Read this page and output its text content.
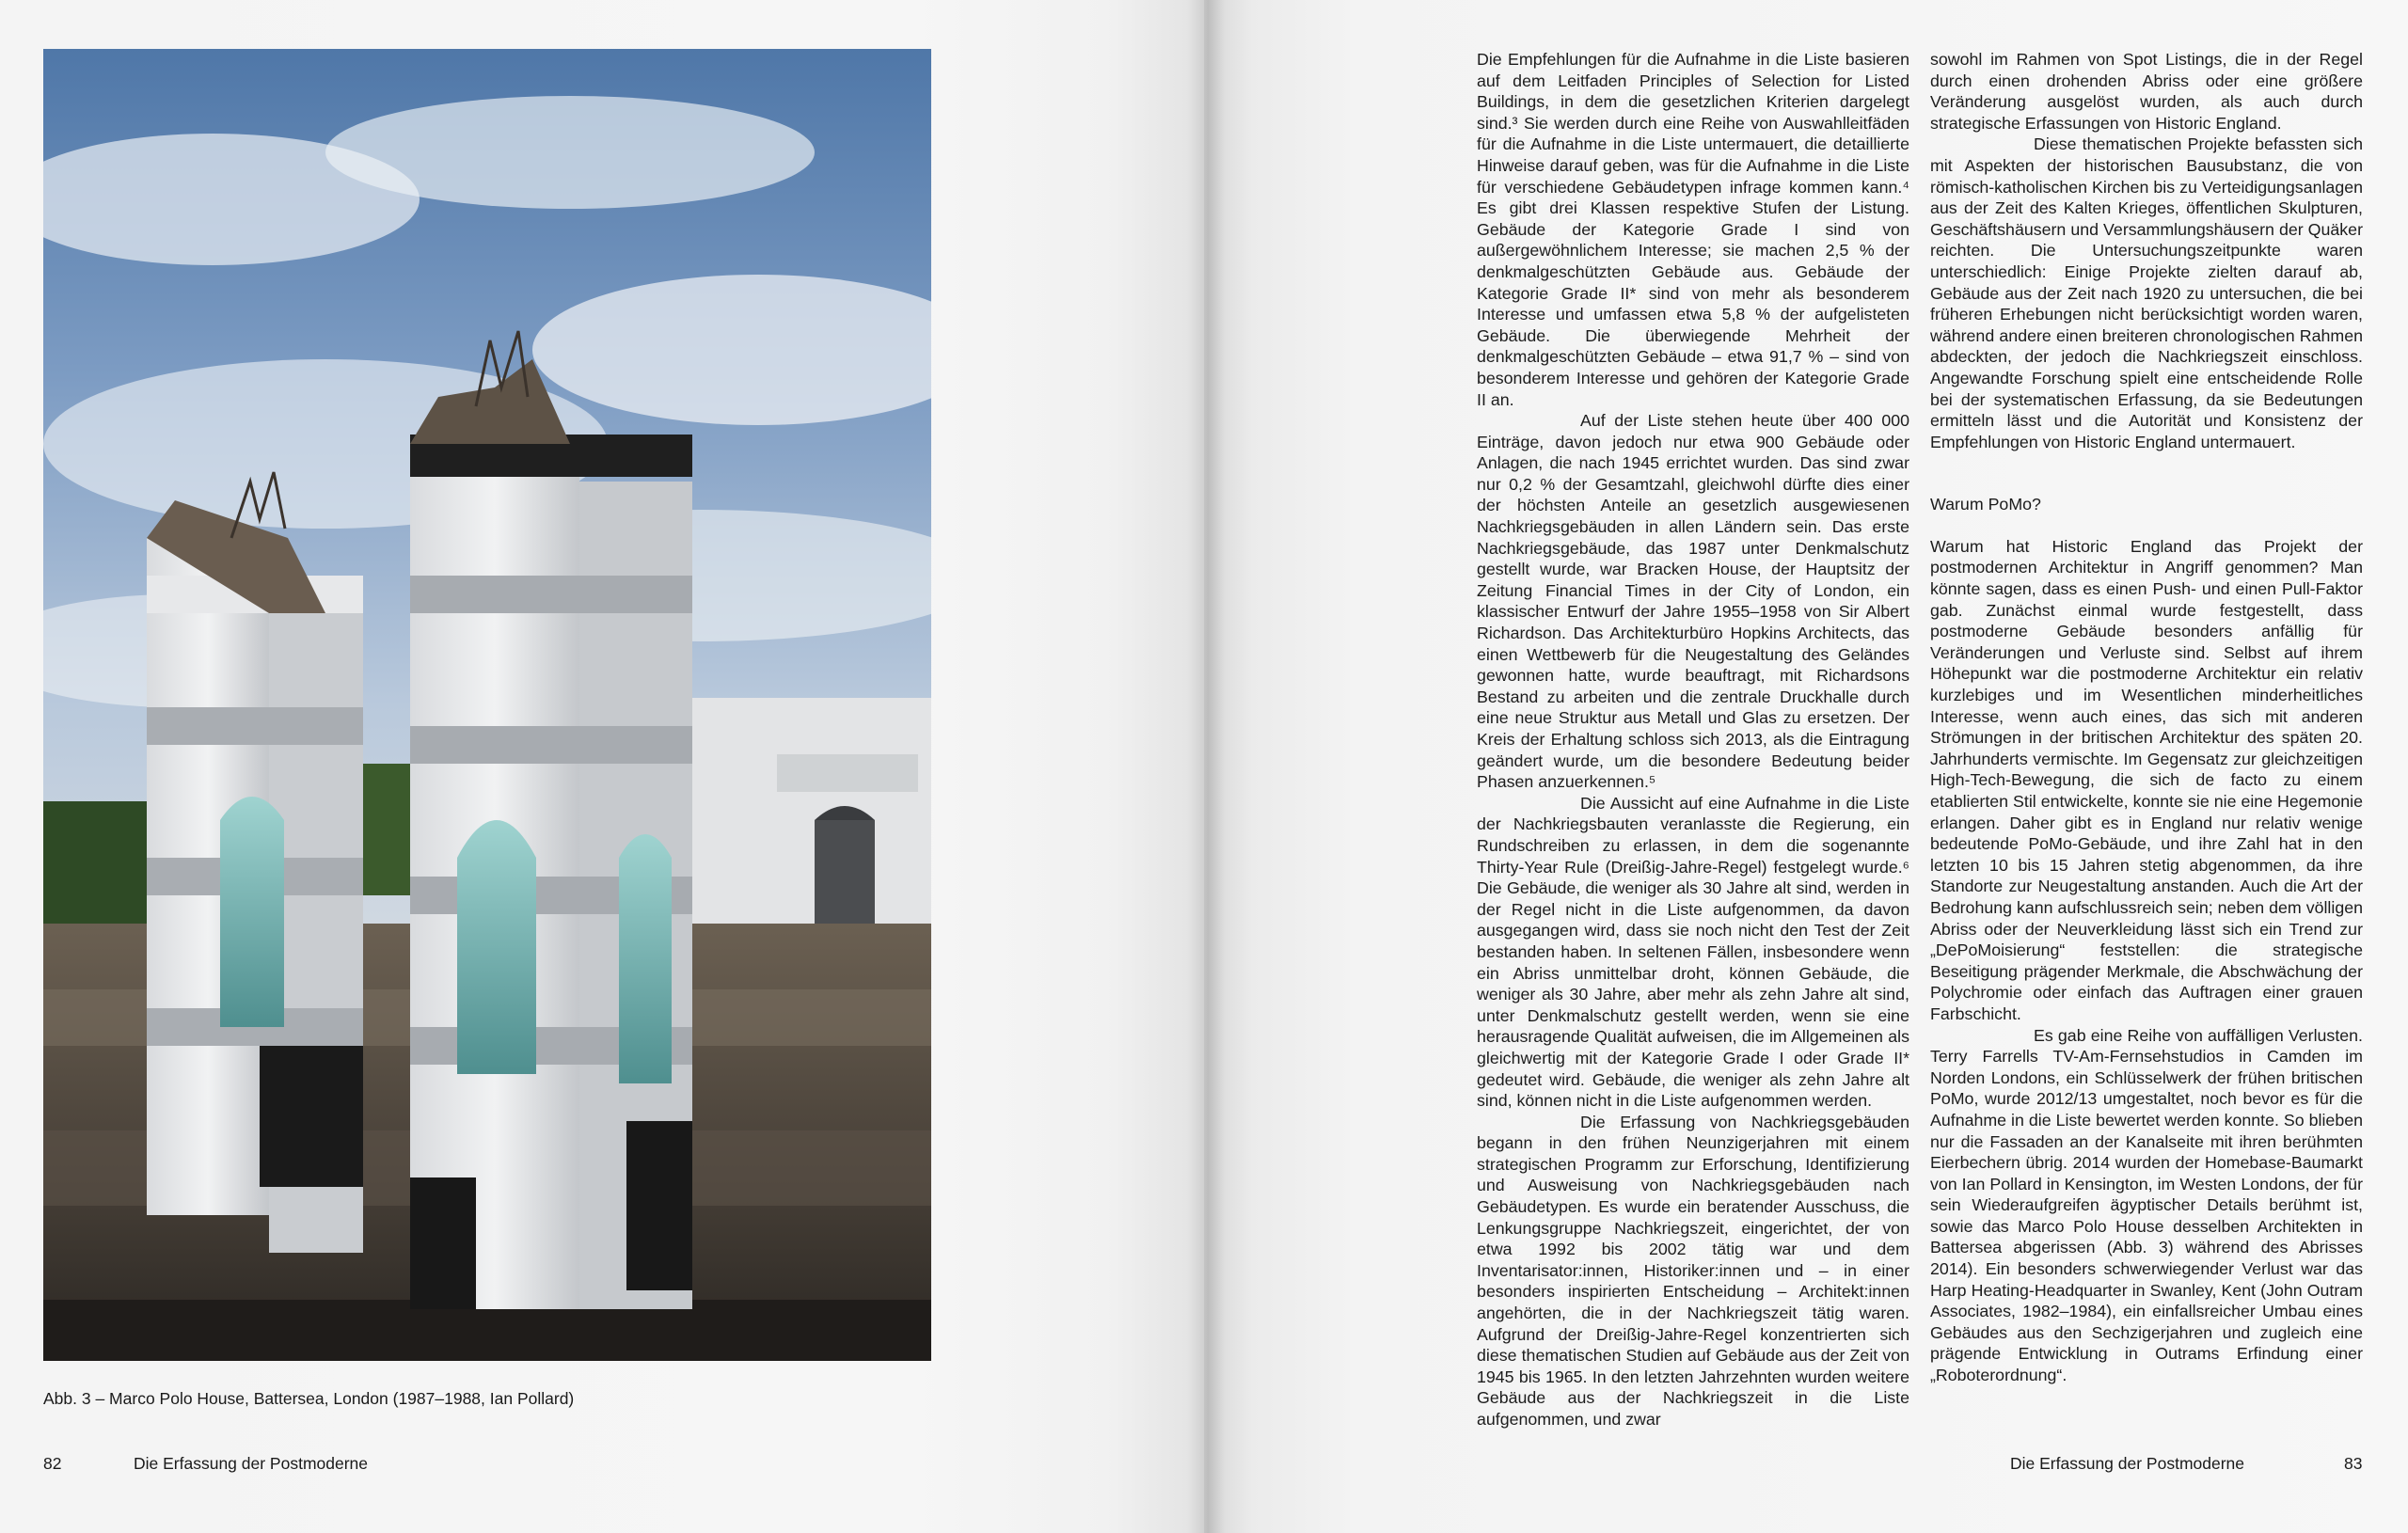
Abb. 3 – Marco Polo House, Battersea, London (1987–1988, Ian Pollard)
82	Die Erfassung der Postmoderne

Die Empfehlungen für die Aufnahme in die Liste basieren auf dem Leitfaden Principles of Selection for Listed Buildings, in dem die gesetzlichen Kriterien dargelegt sind.³ Sie werden durch eine Reihe von Auswahlleitfäden für die Aufnahme in die Liste untermauert, die detaillierte Hinweise darauf geben, was für die Aufnahme in die Liste für verschiedene Gebäudetypen infrage kommen kann.⁴ Es gibt drei Klassen respektive Stufen der Listung. Gebäude der Kategorie Grade I sind von außergewöhnlichem Interesse; sie machen 2,5 % der denkmalgeschützten Gebäude aus. Gebäude der Kategorie Grade II* sind von mehr als besonderem Interesse und umfassen etwa 5,8 % der aufgelisteten Gebäude. Die überwiegende Mehrheit der denkmalgeschützten Gebäude – etwa 91,7 % – sind von besonderem Interesse und gehören der Kategorie Grade II an.

Auf der Liste stehen heute über 400 000 Einträge, davon jedoch nur etwa 900 Gebäude oder Anlagen, die nach 1945 errichtet wurden. Das sind zwar nur 0,2 % der Gesamtzahl, gleichwohl dürfte dies einer der höchsten Anteile an gesetzlich ausgewiesenen Nachkriegsgebäuden in allen Ländern sein. Das erste Nachkriegsgebäude, das 1987 unter Denkmalschutz gestellt wurde, war Bracken House, der Hauptsitz der Zeitung Financial Times in der City of London, ein klassischer Entwurf der Jahre 1955–1958 von Sir Albert Richardson. Das Architekturbüro Hopkins Architects, das einen Wettbewerb für die Neugestaltung des Geländes gewonnen hatte, wurde beauftragt, mit Richardsons Bestand zu arbeiten und die zentrale Druckhalle durch eine neue Struktur aus Metall und Glas zu ersetzen. Der Kreis der Erhaltung schloss sich 2013, als die Eintragung geändert wurde, um die besondere Bedeutung beider Phasen anzuerkennen.⁵

Die Aussicht auf eine Aufnahme in die Liste der Nachkriegsbauten veranlasste die Regierung, ein Rundschreiben zu erlassen, in dem die sogenannte Thirty-Year Rule (Dreißig-Jahre-Regel) festgelegt wurde.⁶ Die Gebäude, die weniger als 30 Jahre alt sind, werden in der Regel nicht in die Liste aufgenommen, da davon ausgegangen wird, dass sie noch nicht den Test der Zeit bestanden haben. In seltenen Fällen, insbesondere wenn ein Abriss unmittelbar droht, können Gebäude, die weniger als 30 Jahre, aber mehr als zehn Jahre alt sind, unter Denkmalschutz gestellt werden, wenn sie eine herausragende Qualität aufweisen, die im Allgemeinen als gleichwertig mit der Kategorie Grade I oder Grade II* gedeutet wird. Gebäude, die weniger als zehn Jahre alt sind, können nicht in die Liste aufgenommen werden.

Die Erfassung von Nachkriegsgebäuden begann in den frühen Neunzigerjahren mit einem strategischen Programm zur Erforschung, Identifizierung und Ausweisung von Nachkriegsgebäuden nach Gebäudetypen. Es wurde ein beratender Ausschuss, die Lenkungsgruppe Nachkriegszeit, eingerichtet, der von etwa 1992 bis 2002 tätig war und dem Inventarisator:innen, Historiker:innen und – in einer besonders inspirierten Entscheidung – Architekt:innen angehörten, die in der Nachkriegszeit tätig waren. Aufgrund der Dreißig-Jahre-Regel konzentrierten sich diese thematischen Studien auf Gebäude aus der Zeit von 1945 bis 1965. In den letzten Jahrzehnten wurden weitere Gebäude aus der Nachkriegszeit in die Liste aufgenommen, und zwar

sowohl im Rahmen von Spot Listings, die in der Regel durch einen drohenden Abriss oder eine größere Veränderung ausgelöst wurden, als auch durch strategische Erfassungen von Historic England.

Diese thematischen Projekte befassten sich mit Aspekten der historischen Bausubstanz, die von römisch-katholischen Kirchen bis zu Verteidigungsanlagen aus der Zeit des Kalten Krieges, öffentlichen Skulpturen, Geschäftshäusern und Versammlungshäusern der Quäker reichten. Die Untersuchungszeitpunkte waren unterschiedlich: Einige Projekte zielten darauf ab, Gebäude aus der Zeit nach 1920 zu untersuchen, die bei früheren Erhebungen nicht berücksichtigt worden waren, während andere einen breiteren chronologischen Rahmen abdeckten, der jedoch die Nachkriegszeit einschloss. Angewandte Forschung spielt eine entscheidende Rolle bei der systematischen Erfassung, da sie Bedeutungen ermitteln lässt und die Autorität und Konsistenz der Empfehlungen von Historic England untermauert.

Warum PoMo?

Warum hat Historic England das Projekt der postmodernen Architektur in Angriff genommen? Man könnte sagen, dass es einen Push- und einen Pull-Faktor gab. Zunächst einmal wurde festgestellt, dass postmoderne Gebäude besonders anfällig für Veränderungen und Verluste sind. Selbst auf ihrem Höhepunkt war die postmoderne Architektur ein relativ kurzlebiges und im Wesentlichen minderheitliches Interesse, wenn auch eines, das sich mit anderen Strömungen in der britischen Architektur des späten 20. Jahrhunderts vermischte. Im Gegensatz zur gleichzeitigen High-Tech-Bewegung, die sich de facto zu einem etablierten Stil entwickelte, konnte sie nie eine Hegemonie erlangen. Daher gibt es in England nur relativ wenige bedeutende PoMo-Gebäude, und ihre Zahl hat in den letzten 10 bis 15 Jahren stetig abgenommen, da ihre Standorte zur Neugestaltung anstanden. Auch die Art der Bedrohung kann aufschlussreich sein; neben dem völligen Abriss oder der Neuverkleidung lässt sich ein Trend zur „DePoMoisierung“ feststellen: die strategische Beseitigung prägender Merkmale, die Abschwächung der Polychromie oder einfach das Auftragen einer grauen Farbschicht.

Es gab eine Reihe von auffälligen Verlusten. Terry Farrells TV-Am-Fernsehstudios in Camden im Norden Londons, ein Schlüsselwerk der frühen britischen PoMo, wurde 2012/13 umgestaltet, noch bevor es für die Aufnahme in die Liste bewertet werden konnte. So blieben nur die Fassaden an der Kanalseite mit ihren berühmten Eierbechern übrig. 2014 wurden der Homebase-Baumarkt von Ian Pollard in Kensington, im Westen Londons, der für sein Wiederaufgreifen ägyptischer Details berühmt ist, sowie das Marco Polo House desselben Architekten in Battersea abgerissen (Abb. 3) während des Abrisses 2014). Ein besonders schwerwiegender Verlust war das Harp Heating-Headquarter in Swanley, Kent (John Outram Associates, 1982–1984), ein einfallsreicher Umbau eines Gebäudes aus den Sechzigerjahren und zugleich eine prägende Entwicklung in Outrams Erfindung einer „Roboterordnung“.

Die Erfassung der Postmoderne	83
